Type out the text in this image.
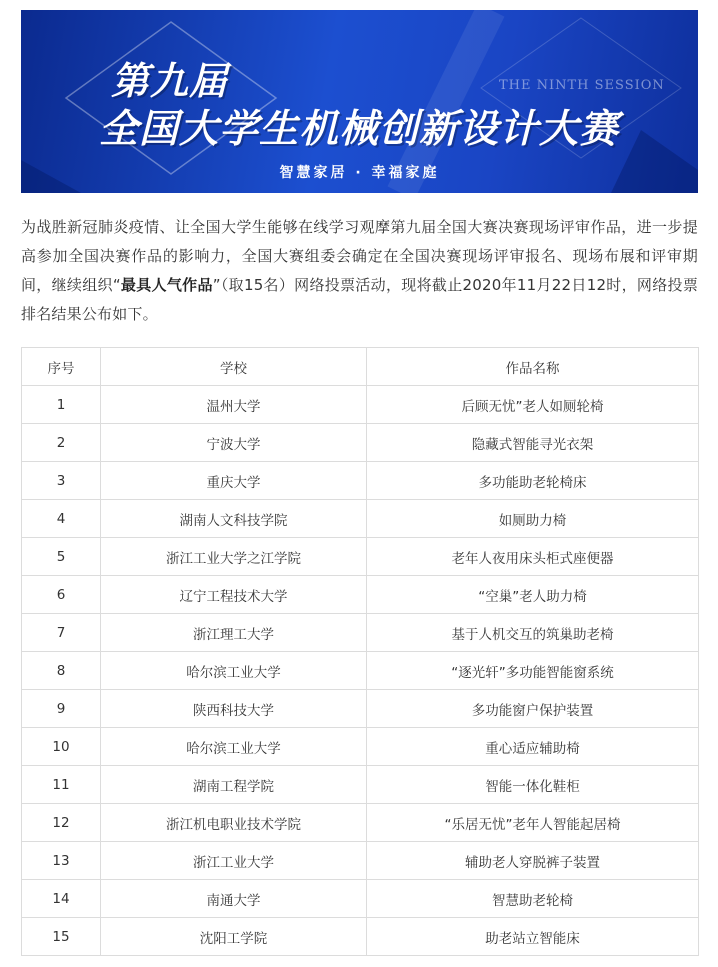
第九届	THE NINTH SESSION
全国大学生机械创新设计大赛
智慧家居 · 幸福家庭

为战胜新冠肺炎疫情、让全国大学生能够在线学习观摩第九届全国大赛决赛现场评审作品，进一步提高参加全国决赛作品的影响力，全国大赛组委会确定在全国决赛现场评审报名、现场布展和评审期间，继续组织“最具人气作品”（取15名）网络投票活动，现将截止2020年11月22日12时，网络投票排名结果公布如下。

序号	学校	作品名称
1	温州大学	后顾无忧”老人如厕轮椅
2	宁波大学	隐藏式智能寻光衣架
3	重庆大学	多功能助老轮椅床
4	湖南人文科技学院	如厕助力椅
5	浙江工业大学之江学院	老年人夜用床头柜式座便器
6	辽宁工程技术大学	“空巢”老人助力椅
7	浙江理工大学	基于人机交互的筑巢助老椅
8	哈尔滨工业大学	“逐光轩”多功能智能窗系统
9	陕西科技大学	多功能窗户保护装置
10	哈尔滨工业大学	重心适应辅助椅
11	湖南工程学院	智能一体化鞋柜
12	浙江机电职业技术学院	“乐居无忧”老年人智能起居椅
13	浙江工业大学	辅助老人穿脱裤子装置
14	南通大学	智慧助老轮椅
15	沈阳工学院	助老站立智能床
